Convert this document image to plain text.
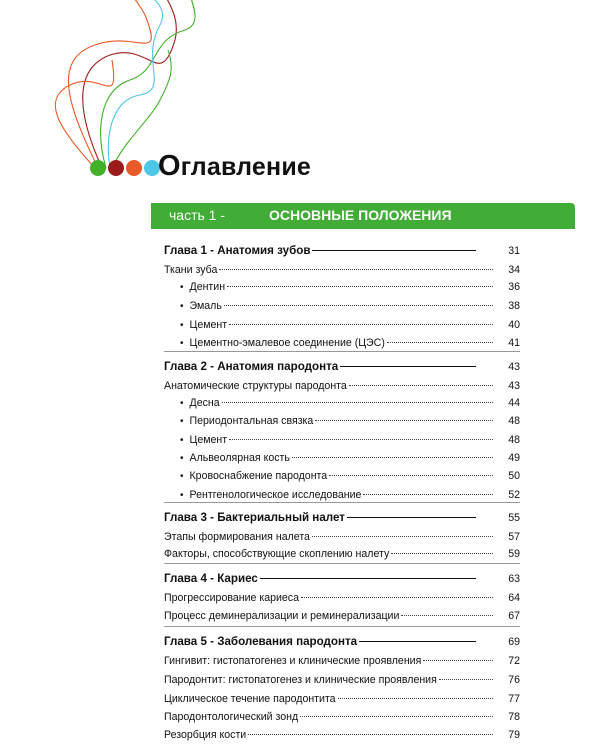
Оглавление
часть 1 -	ОСНОВНЫЕ ПОЛОЖЕНИЯ
Глава 1 - Анатомия зубов	31
Ткани зуба	34
• Дентин	36
• Эмаль	38
• Цемент	40
• Цементно-эмалевое соединение (ЦЭС)	41
Глава 2 - Анатомия пародонта	43
Анатомические структуры пародонта	43
• Десна	44
• Периодонтальная связка	48
• Цемент	48
• Альвеолярная кость	49
• Кровоснабжение пародонта	50
• Рентгенологическое исследование	52
Глава 3 - Бактериальный налет	55
Этапы формирования налета	57
Факторы, способствующие скоплению налету	59
Глава 4 - Кариес	63
Прогрессирование кариеса	64
Процесс деминерализации и реминерализации	67
Глава 5 - Заболевания пародонта	69
Гингивит: гистопатогенез и клинические проявления	72
Пародонтит: гистопатогенез и клинические проявления	76
Циклическое течение пародонтита	77
Пародонтологический зонд	78
Резорбция кости	79
